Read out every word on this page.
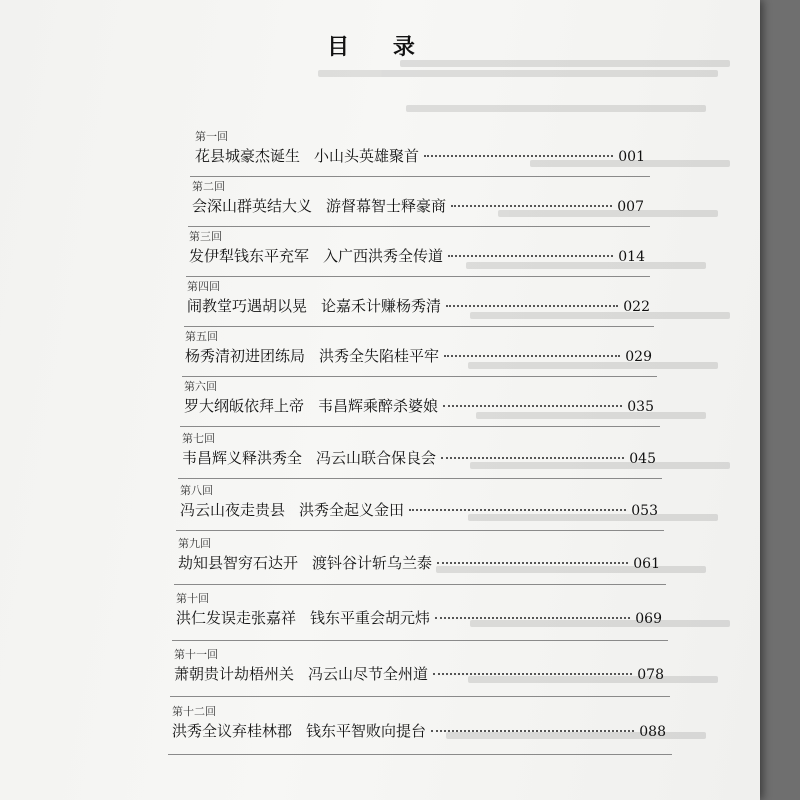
目 录
第一回
花县城豪杰诞生 小山头英雄聚首	001
第二回
会深山群英结大义 游督幕智士释豪商	007
第三回
发伊犁钱东平充军 入广西洪秀全传道	014
第四回
闹教堂巧遇胡以晃 论嘉禾计赚杨秀清	022
第五回
杨秀清初进团练局 洪秀全失陷桂平牢	029
第六回
罗大纲皈依拜上帝 韦昌辉乘醉杀婆娘	035
第七回
韦昌辉义释洪秀全 冯云山联合保良会	045
第八回
冯云山夜走贵县 洪秀全起义金田	053
第九回
劫知县智穷石达开 渡钭谷计斩乌兰泰	061
第十回
洪仁发误走张嘉祥 钱东平重会胡元炜	069
第十一回
萧朝贵计劫梧州关 冯云山尽节全州道	078
第十二回
洪秀全议弃桂林郡 钱东平智败向提台	088
